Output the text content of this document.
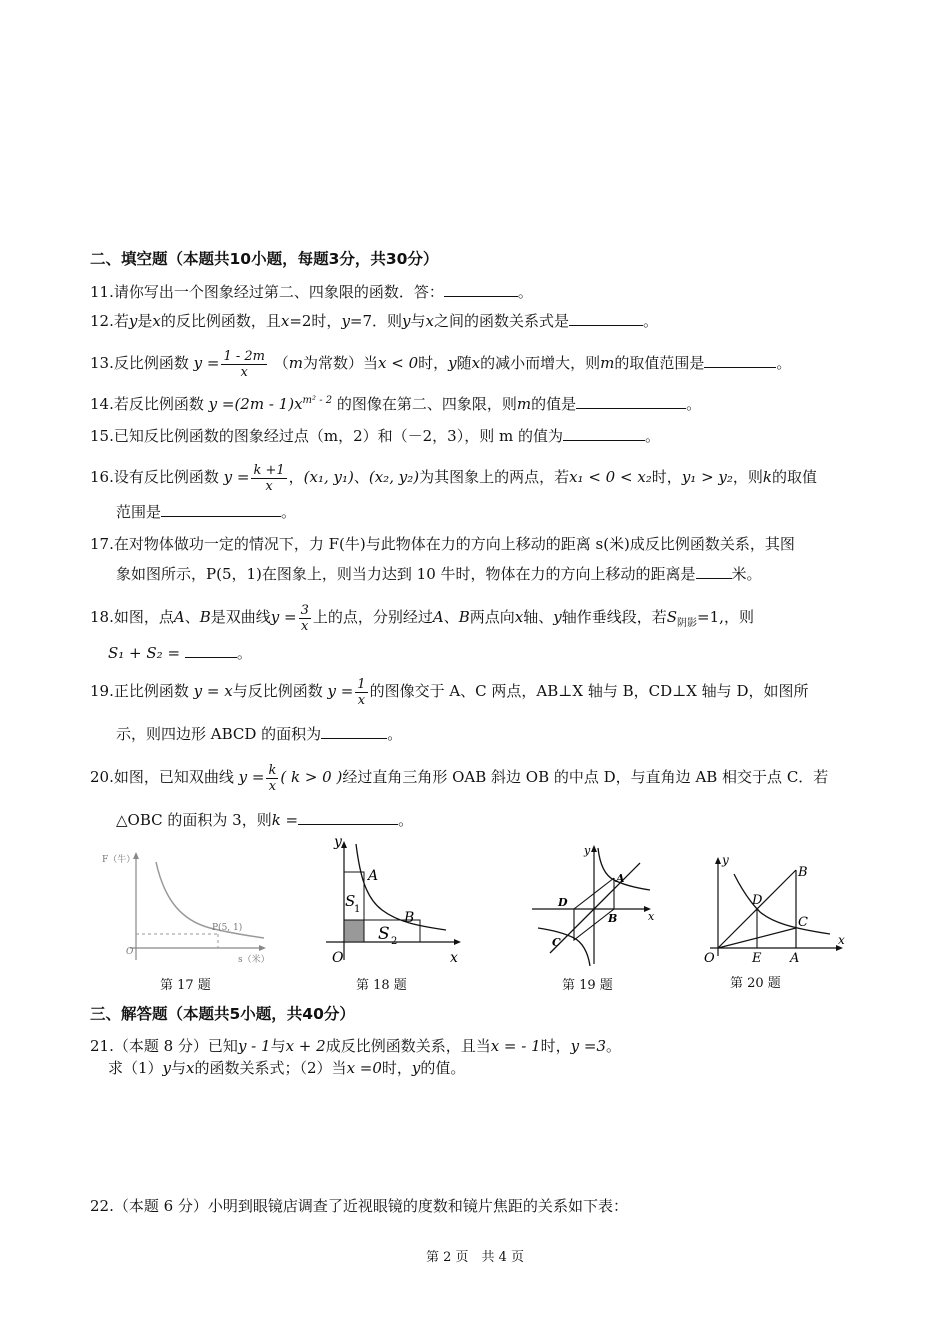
二、填空题（本题共10小题，每题3分，共30分）
11.请你写出一个图象经过第二、四象限的函数．答：	。
12.若y是x的反比例函数，且x=2时，y=7．则y与x之间的函数关系式是	。
13.反比例函数 $y = \frac{1 - 2m}{x} (m$为常数）当x < 0时，y随x的减小而增大，则m的取值范围是	。
14.若反比例函数 $y =(2m - 1)x^{m^2 - 2}$ 的图像在第二、四象限，则m的值是	。
15.已知反比例函数的图象经过点（m，2）和（－2，3），则 m 的值为	。
16.设有反比例函数 $y = \frac{k +1}{x}$ ，(x₁, y₁)、(x₂, y₂)为其图象上的两点，若x₁ < 0 < x₂时，y₁ > y₂，则k的取值
范围是	。
17.在对物体做功一定的情况下，力 F(牛)与此物体在力的方向上移动的距离 s(米)成反比例函数关系，其图
象如图所示，P(5，1)在图象上，则当力达到 10 牛时，物体在力的方向上移动的距离是 米。
18.如图，点A、B是双曲线$y = \frac{3}{x}$ 上的点，分别经过A、B两点向x轴、y轴作垂线段，若$S_{阴影}=1$,，则
S₁ + S₂ =	。
19.正比例函数 y = x与反比例函数 $y = \frac{1}{x}$ 的图像交于 A、C 两点，AB⊥X 轴与 B，CD⊥X 轴与 D，如图所
示，则四边形 ABCD 的面积为	。
20.如图，已知双曲线 $y = \frac{k}{x}$ ( k > 0 )经过直角三角形 OAB 斜边 OB 的中点 D，与直角边 AB 相交于点 C．若
△OBC 的面积为 3，则k =	。
F（牛）
s（米）
O
P(5, 1)
第 17 题
y
x
O
A
B
S
1
S 2
第 18 题
y
x
A
B
C
D
第 19 题
y
x
O	A
B
C
D
E
第 20 题
三、解答题（本题共5小题，共40分）
21.（本题 8 分）已知y - 1与x + 2成反比例函数关系，且当x = - 1时，y =3。
求（1）y与x的函数关系式；（2）当x =0时，y的值。
22.（本题 6 分）小明到眼镜店调查了近视眼镜的度数和镜片焦距的关系如下表：
第 2 页　共 4 页
